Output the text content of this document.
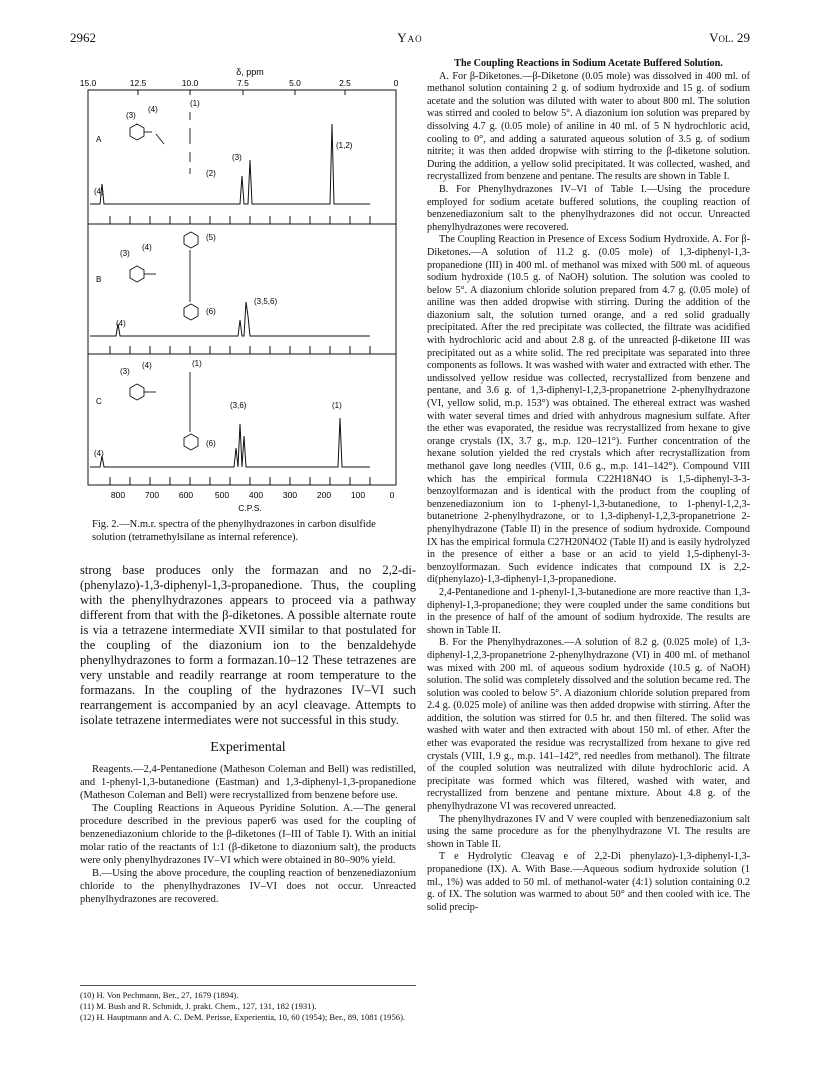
2962	Yao	Vol. 29
δ, ppm
15.0	12.5	10.0	7.5	5.0	2.5	0
A
(3)
(4)
(1)
(2)
(3)
(1,2)
(4)
B
(3)
(4)
(5)
(6)
(3,5,6)
(4)
C
(3)
(4)	(1)
(6)
(3,6)	(1)
(4)
800 700 600	500 400 300 200 100	0
C.P.S.
Fig. 2.—N.m.r. spectra of the phenylhydrazones in carbon disulfide solution (tetramethylsilane as internal reference).

strong base produces only the formazan and no 2,2-di-(phenylazo)-1,3-diphenyl-1,3-propanedione. Thus, the coupling with the phenylhydrazones appears to proceed via a pathway different from that with the β-diketones. A possible alternate route is via a tetrazene intermediate XVII similar to that postulated for the coupling of the diazonium ion to the benzaldehyde phenylhydrazones to form a formazan.10–12 These tetrazenes are very unstable and readily rearrange at room temperature to the formazans. In the coupling of the hydrazones IV–VI such rearrangement is accompanied by an acyl cleavage. Attempts to isolate tetrazene intermediates were not successful in this study.

Experimental

Reagents.—2,4-Pentanedione (Matheson Coleman and Bell) was redistilled, and 1-phenyl-1,3-butanedione (Eastman) and 1,3-diphenyl-1,3-propanedione (Matheson Coleman and Bell) were recrystallized from benzene before use.

The Coupling Reactions in Aqueous Pyridine Solution. A.—The general procedure described in the previous paper6 was used for the coupling of benzenediazonium chloride to the β-diketones (I–III of Table I). With an initial molar ratio of the reactants of 1:1 (β-diketone to diazonium salt), the products were only phenylhydrazones IV–VI which were obtained in 80–90% yield.

B.—Using the above procedure, the coupling reaction of benzenediazonium chloride to the phenylhydrazones IV–VI does not occur. Unreacted phenylhydrazones are recovered.

(10) H. Von Pechmann, Ber., 27, 1679 (1894).
(11) M. Bush and R. Schmidt, J. prakt. Chem., 127, 131, 182 (1931).
(12) H. Hauptmann and A. C. DeM. Perisse, Experientia, 10, 60 (1954); Ber., 89, 1081 (1956).

The Coupling Reactions in Sodium Acetate Buffered Solution.

A. For β-Diketones.—β-Diketone (0.05 mole) was dissolved in 400 ml. of methanol solution containing 2 g. of sodium hydroxide and 15 g. of sodium acetate and the solution was diluted with water to about 800 ml. The solution was stirred and cooled to below 5°. A diazonium ion solution was prepared by dissolving 4.7 g. (0.05 mole) of aniline in 40 ml. of 5 N hydrochloric acid, cooling to 0°, and adding a saturated aqueous solution of 3.5 g. of sodium nitrite; it was then added dropwise with stirring to the β-diketone solution. During the addition, a yellow solid precipitated. It was collected, washed, and recrystallized from benzene and pentane. The results are shown in Table I.

B. For Phenylhydrazones IV–VI of Table I.—Using the procedure employed for sodium acetate buffered solutions, the coupling reaction of benzenediazonium salt to the phenylhydrazones did not occur. Unreacted phenylhydrazones were recovered.

The Coupling Reaction in Presence of Excess Sodium Hydroxide. A. For β-Diketones.—A solution of 11.2 g. (0.05 mole) of 1,3-diphenyl-1,3-propanedione (III) in 400 ml. of methanol was mixed with 500 ml. of aqueous sodium hydroxide (10.5 g. of NaOH) solution. The solution was cooled to below 5°. A diazonium chloride solution prepared from 4.7 g. (0.05 mole) of aniline was then added dropwise with stirring. During the addition of the diazonium salt, the solution turned orange, and a red solid gradually precipitated. After the red precipitate was collected, the filtrate was acidified with hydrochloric acid and about 2.8 g. of the unreacted β-diketone III was precipitated out as a white solid. The red precipitate was separated into three components as follows. It was washed with water and extracted with ether. The undissolved yellow residue was collected, recrystallized from benzene and pentane, and 3.6 g. of 1,3-diphenyl-1,2,3-propanetrione 2-phenylhydrazone (VI, yellow solid, m.p. 153°) was obtained. The ethereal extract was washed with water several times and dried with anhydrous magnesium sulfate. After the ether was evaporated, the residue was recrystallized from hexane to give orange crystals (IX, 3.7 g., m.p. 120–121°). Further concentration of the hexane solution yielded the red crystals which after recrystallization from methanol gave long needles (VIII, 0.6 g., m.p. 141–142°). Compound VIII which has the empirical formula C22H18N4O is 1,5-diphenyl-3-3-benzoylformazan and is identical with the product from the coupling of benzenediazonium ion to 1-phenyl-1,3-butanedione, to 1-phenyl-1,2,3-butanetrione 2-phenylhydrazone, or to 1,3-diphenyl-1,2,3-propanetrione 2-phenylhydrazone (Table II) in the presence of sodium hydroxide. Compound IX has the empirical formula C27H20N4O2 (Table II) and is easily hydrolyzed in the presence of either a base or an acid to yield 1,5-diphenyl-3-benzoylformazan. Such evidence indicates that compound IX is 2,2-di(phenylazo)-1,3-diphenyl-1,3-propanedione.

2,4-Pentanedione and 1-phenyl-1,3-butanedione are more reactive than 1,3-diphenyl-1,3-propanedione; they were coupled under the same conditions but in the presence of half of the amount of sodium hydroxide. The results are shown in Table II.

B. For the Phenylhydrazones.—A solution of 8.2 g. (0.025 mole) of 1,3-diphenyl-1,2,3-propanetrione 2-phenylhydrazone (VI) in 400 ml. of methanol was mixed with 200 ml. of aqueous sodium hydroxide (10.5 g. of NaOH) solution. The solid was completely dissolved and the solution became red. The solution was cooled to below 5°. A diazonium chloride solution prepared from 2.4 g. (0.025 mole) of aniline was then added dropwise with stirring. After the addition, the solution was stirred for 0.5 hr. and then filtered. The solid was washed with water and then extracted with about 150 ml. of ether. After the ether was evaporated the residue was recrystallized from hexane to give red crystals (VIII, 1.9 g., m.p. 141–142°, red needles from methanol). The filtrate of the coupled solution was neutralized with dilute hydrochloric acid. A precipitate was formed which was filtered, washed with water, and recrystallized from benzene and pentane mixture. About 4.8 g. of the phenylhydrazone VI was recovered unreacted.

The phenylhydrazones IV and V were coupled with benzenediazonium salt using the same procedure as for the phenylhydrazone VI. The results are shown in Table II.

T e Hydrolytic Cleavag e of 2,2-Di phenylazo)-1,3-diphenyl-1,3-propanedione (IX). A. With Base.—Aqueous sodium hydroxide solution (1 ml., 1%) was added to 50 ml. of methanol-water (4:1) solution containing 0.2 g. of IX. The solution was warmed to about 50° and then cooled with ice. The solid precip-
